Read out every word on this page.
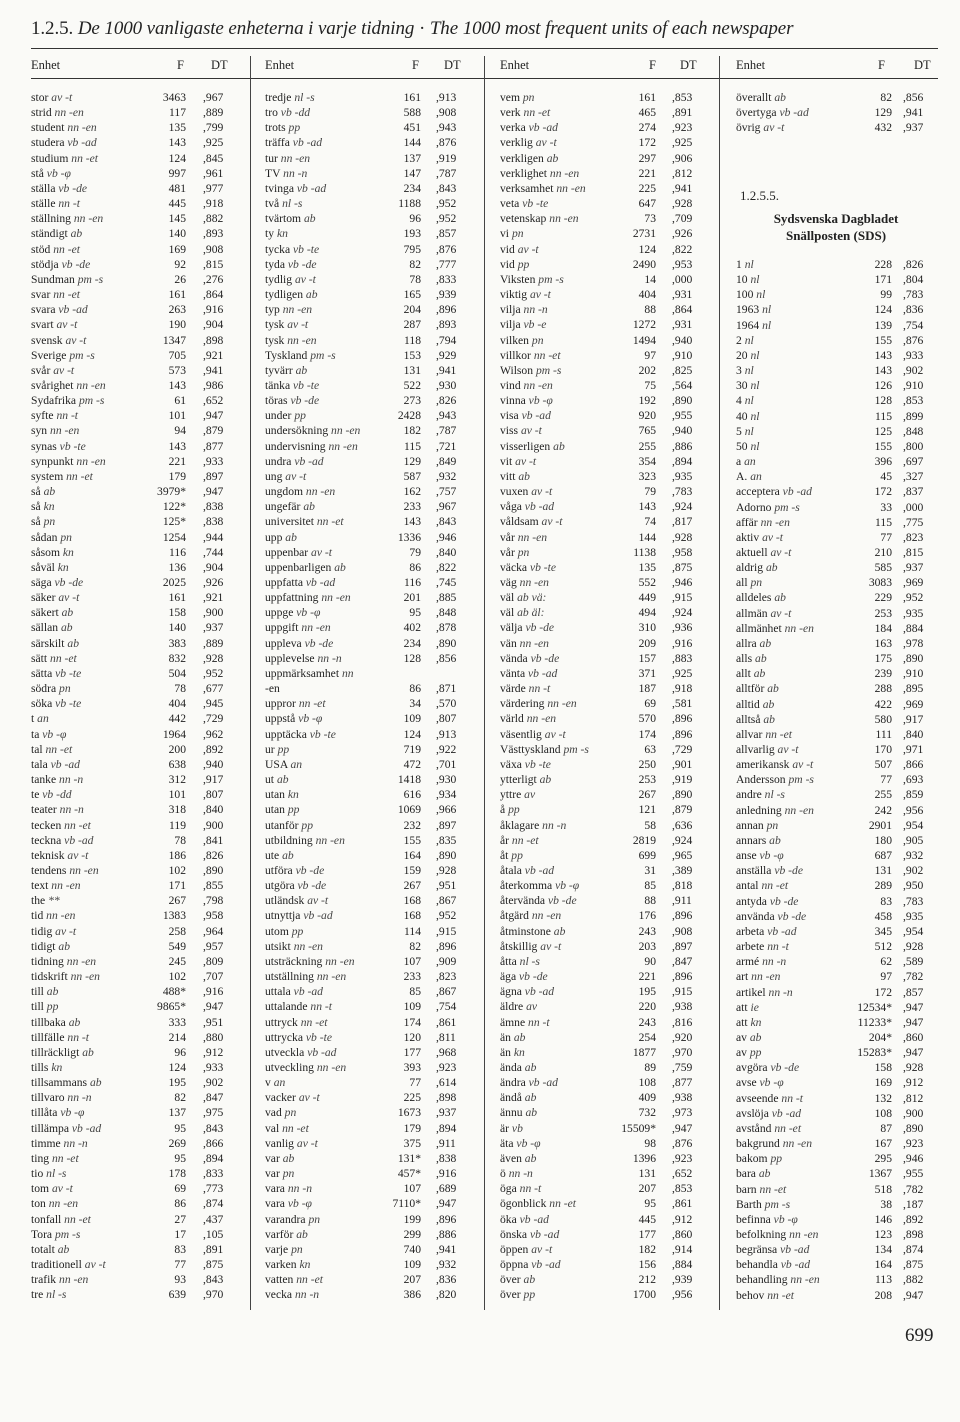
1.2.5. De 1000 vanligaste enheterna i varje tidning · The 1000 most frequent units of each newspaper
Enhet	F DT
stor av -t	3463 ,967
strid nn -en	117 ,889
student nn -en	135 ,799
studera vb -ad	143 ,925
studium nn -et	124 ,845
stå vb -φ	997 ,961
ställa vb -de	481 ,977
ställe nn -t	445 ,918
ställning nn -en	145 ,882
ständigt ab	140 ,893
stöd nn -et	169 ,908
stödja vb -de	92 ,815
Sundman pm -s	26 ,276
svar nn -et	161 ,864
svara vb -ad	263 ,916
svart av -t	190 ,904
svensk av -t	1347 ,898
Sverige pm -s	705 ,921
svår av -t	573 ,941
svårighet nn -en	143 ,986
Sydafrika pm -s	61 ,652
syfte nn -t	101 ,947
syn nn -en	94 ,879
synas vb -te	143 ,877
synpunkt nn -en	221 ,933
system nn -et	179 ,897
så ab	3979* ,947
så kn	122* ,838
så pn	125* ,838
sådan pn	1254 ,944
såsom kn	116 ,744
såväl kn	136 ,904
säga vb -de	2025 ,926
säker av -t	161 ,921
säkert ab	158 ,900
sällan ab	140 ,937
särskilt ab	383 ,889
sätt nn -et	832 ,928
sätta vb -te	504 ,952
södra pn	78 ,677
söka vb -te	404 ,945
t an	442 ,729
ta vb -φ	1964 ,962
tal nn -et	200 ,892
tala vb -ad	638 ,940
tanke nn -n	312 ,917
te vb -dd	101 ,807
teater nn -n	318 ,840
tecken nn -et	119 ,900
teckna vb -ad	78 ,841
teknisk av -t	186 ,826
tendens nn -en	102 ,890
text nn -en	171 ,855
the **	267 ,798
tid nn -en	1383 ,958
tidig av -t	258 ,964
tidigt ab	549 ,957
tidning nn -en	245 ,809
tidskrift nn -en	102 ,707
till ab	488* ,916
till pp	9865* ,947
tillbaka ab	333 ,951
tillfälle nn -t	214 ,880
tillräckligt ab	96 ,912
tills kn	124 ,933
tillsammans ab	195 ,902
tillvaro nn -n	82 ,847
tillåta vb -φ	137 ,975
tillämpa vb -ad	95 ,843
timme nn -n	269 ,866
ting nn -et	95 ,894
tio nl -s	178 ,833
tom av -t	69 ,773
ton nn -en	86 ,874
tonfall nn -et	27 ,437
Tora pm -s	17 ,105
totalt ab	83 ,891
traditionell av -t	77 ,875
trafik nn -en	93 ,843
tre nl -s	639 ,970
Enhet	F DT
tredje nl -s	161 ,913
tro vb -dd	588 ,908
trots pp	451 ,943
träffa vb -ad	144 ,876
tur nn -en	137 ,919
TV nn -n	147 ,787
tvinga vb -ad	234 ,843
två nl -s	1188 ,952
tvärtom ab	96 ,952
ty kn	193 ,857
tycka vb -te	795 ,876
tyda vb -de	82 ,777
tydlig av -t	78 ,833
tydligen ab	165 ,939
typ nn -en	204 ,896
tysk av -t	287 ,893
tysk nn -en	118 ,794
Tyskland pm -s	153 ,929
tyvärr ab	131 ,941
tänka vb -te	522 ,930
töras vb -de	273 ,826
under pp	2428 ,943
undersökning nn -en	182 ,787
undervisning nn -en	115 ,721
undra vb -ad	129 ,849
ung av -t	587 ,932
ungdom nn -en	162 ,757
ungefär ab	233 ,967
universitet nn -et	143 ,843
upp ab	1336 ,946
uppenbar av -t	79 ,840
uppenbarligen ab	86 ,822
uppfatta vb -ad	116 ,745
uppfattning nn -en	201 ,885
uppge vb -φ	95 ,848
uppgift nn -en	402 ,878
uppleva vb -de	234 ,890
upplevelse nn -n	128 ,856
uppmärksamhet nn
-en	86 ,871
uppror nn -et	34 ,570
uppstå vb -φ	109 ,807
upptäcka vb -te	124 ,913
ur pp	719 ,922
USA an	472 ,701
ut ab	1418 ,930
utan kn	616 ,934
utan pp	1069 ,966
utanför pp	232 ,897
utbildning nn -en	155 ,835
ute ab	164 ,890
utföra vb -de	159 ,928
utgöra vb -de	267 ,951
utländsk av -t	168 ,867
utnyttja vb -ad	168 ,952
utom pp	114 ,915
utsikt nn -en	82 ,896
utsträckning nn -en	107 ,909
utställning nn -en	233 ,823
uttala vb -ad	85 ,867
uttalande nn -t	109 ,754
uttryck nn -et	174 ,861
uttrycka vb -te	120 ,811
utveckla vb -ad	177 ,968
utveckling nn -en	393 ,923
v an	77 ,614
vacker av -t	225 ,898
vad pn	1673 ,937
val nn -et	179 ,894
vanlig av -t	375 ,911
var ab	131* ,838
var pn	457* ,916
vara nn -n	107 ,689
vara vb -φ	7110* ,947
varandra pn	199 ,896
varför ab	299 ,886
varje pn	740 ,941
varken kn	109 ,932
vatten nn -et	207 ,836
vecka nn -n	386 ,820
Enhet	F DT
vem pn	161 ,853
verk nn -et	465 ,891
verka vb -ad	274 ,923
verklig av -t	172 ,925
verkligen ab	297 ,906
verklighet nn -en	221 ,812
verksamhet nn -en	225 ,941
veta vb -te	647 ,928
vetenskap nn -en	73 ,709
vi pn	2731 ,926
vid av -t	124 ,822
vid pp	2490 ,953
Viksten pm -s	14 ,000
viktig av -t	404 ,931
vilja nn -n	88 ,864
vilja vb -e	1272 ,931
vilken pn	1494 ,940
villkor nn -et	97 ,910
Wilson pm -s	202 ,825
vind nn -en	75 ,564
vinna vb -φ	192 ,890
visa vb -ad	920 ,955
viss av -t	765 ,940
visserligen ab	255 ,886
vit av -t	354 ,894
vitt ab	323 ,935
vuxen av -t	79 ,783
våga vb -ad	143 ,924
våldsam av -t	74 ,817
vår nn -en	144 ,928
vår pn	1138 ,958
väcka vb -te	135 ,875
väg nn -en	552 ,946
väl ab vä:	449 ,915
väl ab äl:	494 ,924
välja vb -de	310 ,936
vän nn -en	209 ,916
vända vb -de	157 ,883
vänta vb -ad	371 ,925
värde nn -t	187 ,918
värdering nn -en	69 ,581
värld nn -en	570 ,896
väsentlig av -t	174 ,896
Västtyskland pm -s	63 ,729
växa vb -te	250 ,901
ytterligt ab	253 ,919
yttre av	267 ,890
å pp	121 ,879
åklagare nn -n	58 ,636
år nn -et	2819 ,924
åt pp	699 ,965
åtala vb -ad	31 ,389
återkomma vb -φ	85 ,818
återvända vb -de	88 ,911
åtgärd nn -en	176 ,896
åtminstone ab	243 ,908
åtskillig av -t	203 ,897
åtta nl -s	90 ,847
äga vb -de	221 ,896
ägna vb -ad	195 ,915
äldre av	220 ,938
ämne nn -t	243 ,816
än ab	254 ,920
än kn	1877 ,970
ända ab	89 ,759
ändra vb -ad	108 ,877
ändå ab	409 ,938
ännu ab	732 ,973
är vb	15509* ,947
äta vb -φ	98 ,876
även ab	1396 ,923
ö nn -n	131 ,652
öga nn -t	207 ,853
ögonblick nn -et	95 ,861
öka vb -ad	445 ,912
önska vb -ad	177 ,860
öppen av -t	182 ,914
öppna vb -ad	156 ,884
över ab	212 ,939
över pp	1700 ,956
Enhet	F DT
överallt ab	82 ,856
övertyga vb -ad	129 ,941
övrig av -t	432 ,937
1.2.5.5.
Sydsvenska Dagbladet
Snällposten (SDS)
1 nl	228 ,826
10 nl	171 ,804
100 nl	99 ,783
1963 nl	124 ,836
1964 nl	139 ,754
2 nl	155 ,876
20 nl	143 ,933
3 nl	143 ,902
30 nl	126 ,910
4 nl	128 ,853
40 nl	115 ,899
5 nl	125 ,848
50 nl	155 ,800
a an	396 ,697
A. an	45 ,327
acceptera vb -ad	172 ,837
Adorno pm -s	33 ,000
affär nn -en	115 ,775
aktiv av -t	77 ,823
aktuell av -t	210 ,815
aldrig ab	585 ,937
all pn	3083 ,969
alldeles ab	229 ,952
allmän av -t	253 ,935
allmänhet nn -en	184 ,884
allra ab	163 ,978
alls ab	175 ,890
allt ab	239 ,910
alltför ab	288 ,895
alltid ab	422 ,969
alltså ab	580 ,917
allvar nn -et	111 ,840
allvarlig av -t	170 ,971
amerikansk av -t	507 ,866
Andersson pm -s	77 ,693
andre nl -s	255 ,859
anledning nn -en	242 ,956
annan pn	2901 ,954
annars ab	180 ,905
anse vb -φ	687 ,932
anställa vb -de	131 ,902
antal nn -et	289 ,950
antyda vb -de	83 ,783
använda vb -de	458 ,935
arbeta vb -ad	345 ,954
arbete nn -t	512 ,928
armé nn -n	62 ,589
art nn -en	97 ,782
artikel nn -n	172 ,857
att ie	12534* ,947
att kn	11233* ,947
av ab	204* ,860
av pp	15283* ,947
avgöra vb -de	158 ,928
avse vb -φ	169 ,912
avseende nn -t	132 ,812
avslöja vb -ad	108 ,900
avstånd nn -et	87 ,890
bakgrund nn -en	167 ,923
bakom pp	295 ,946
bara ab	1367 ,955
barn nn -et	518 ,782
Barth pm -s	38 ,187
befinna vb -φ	146 ,892
befolkning nn -en	123 ,898
begränsa vb -ad	134 ,874
behandla vb -ad	164 ,875
behandling nn -en	113 ,882
behov nn -et	208 ,947
699
